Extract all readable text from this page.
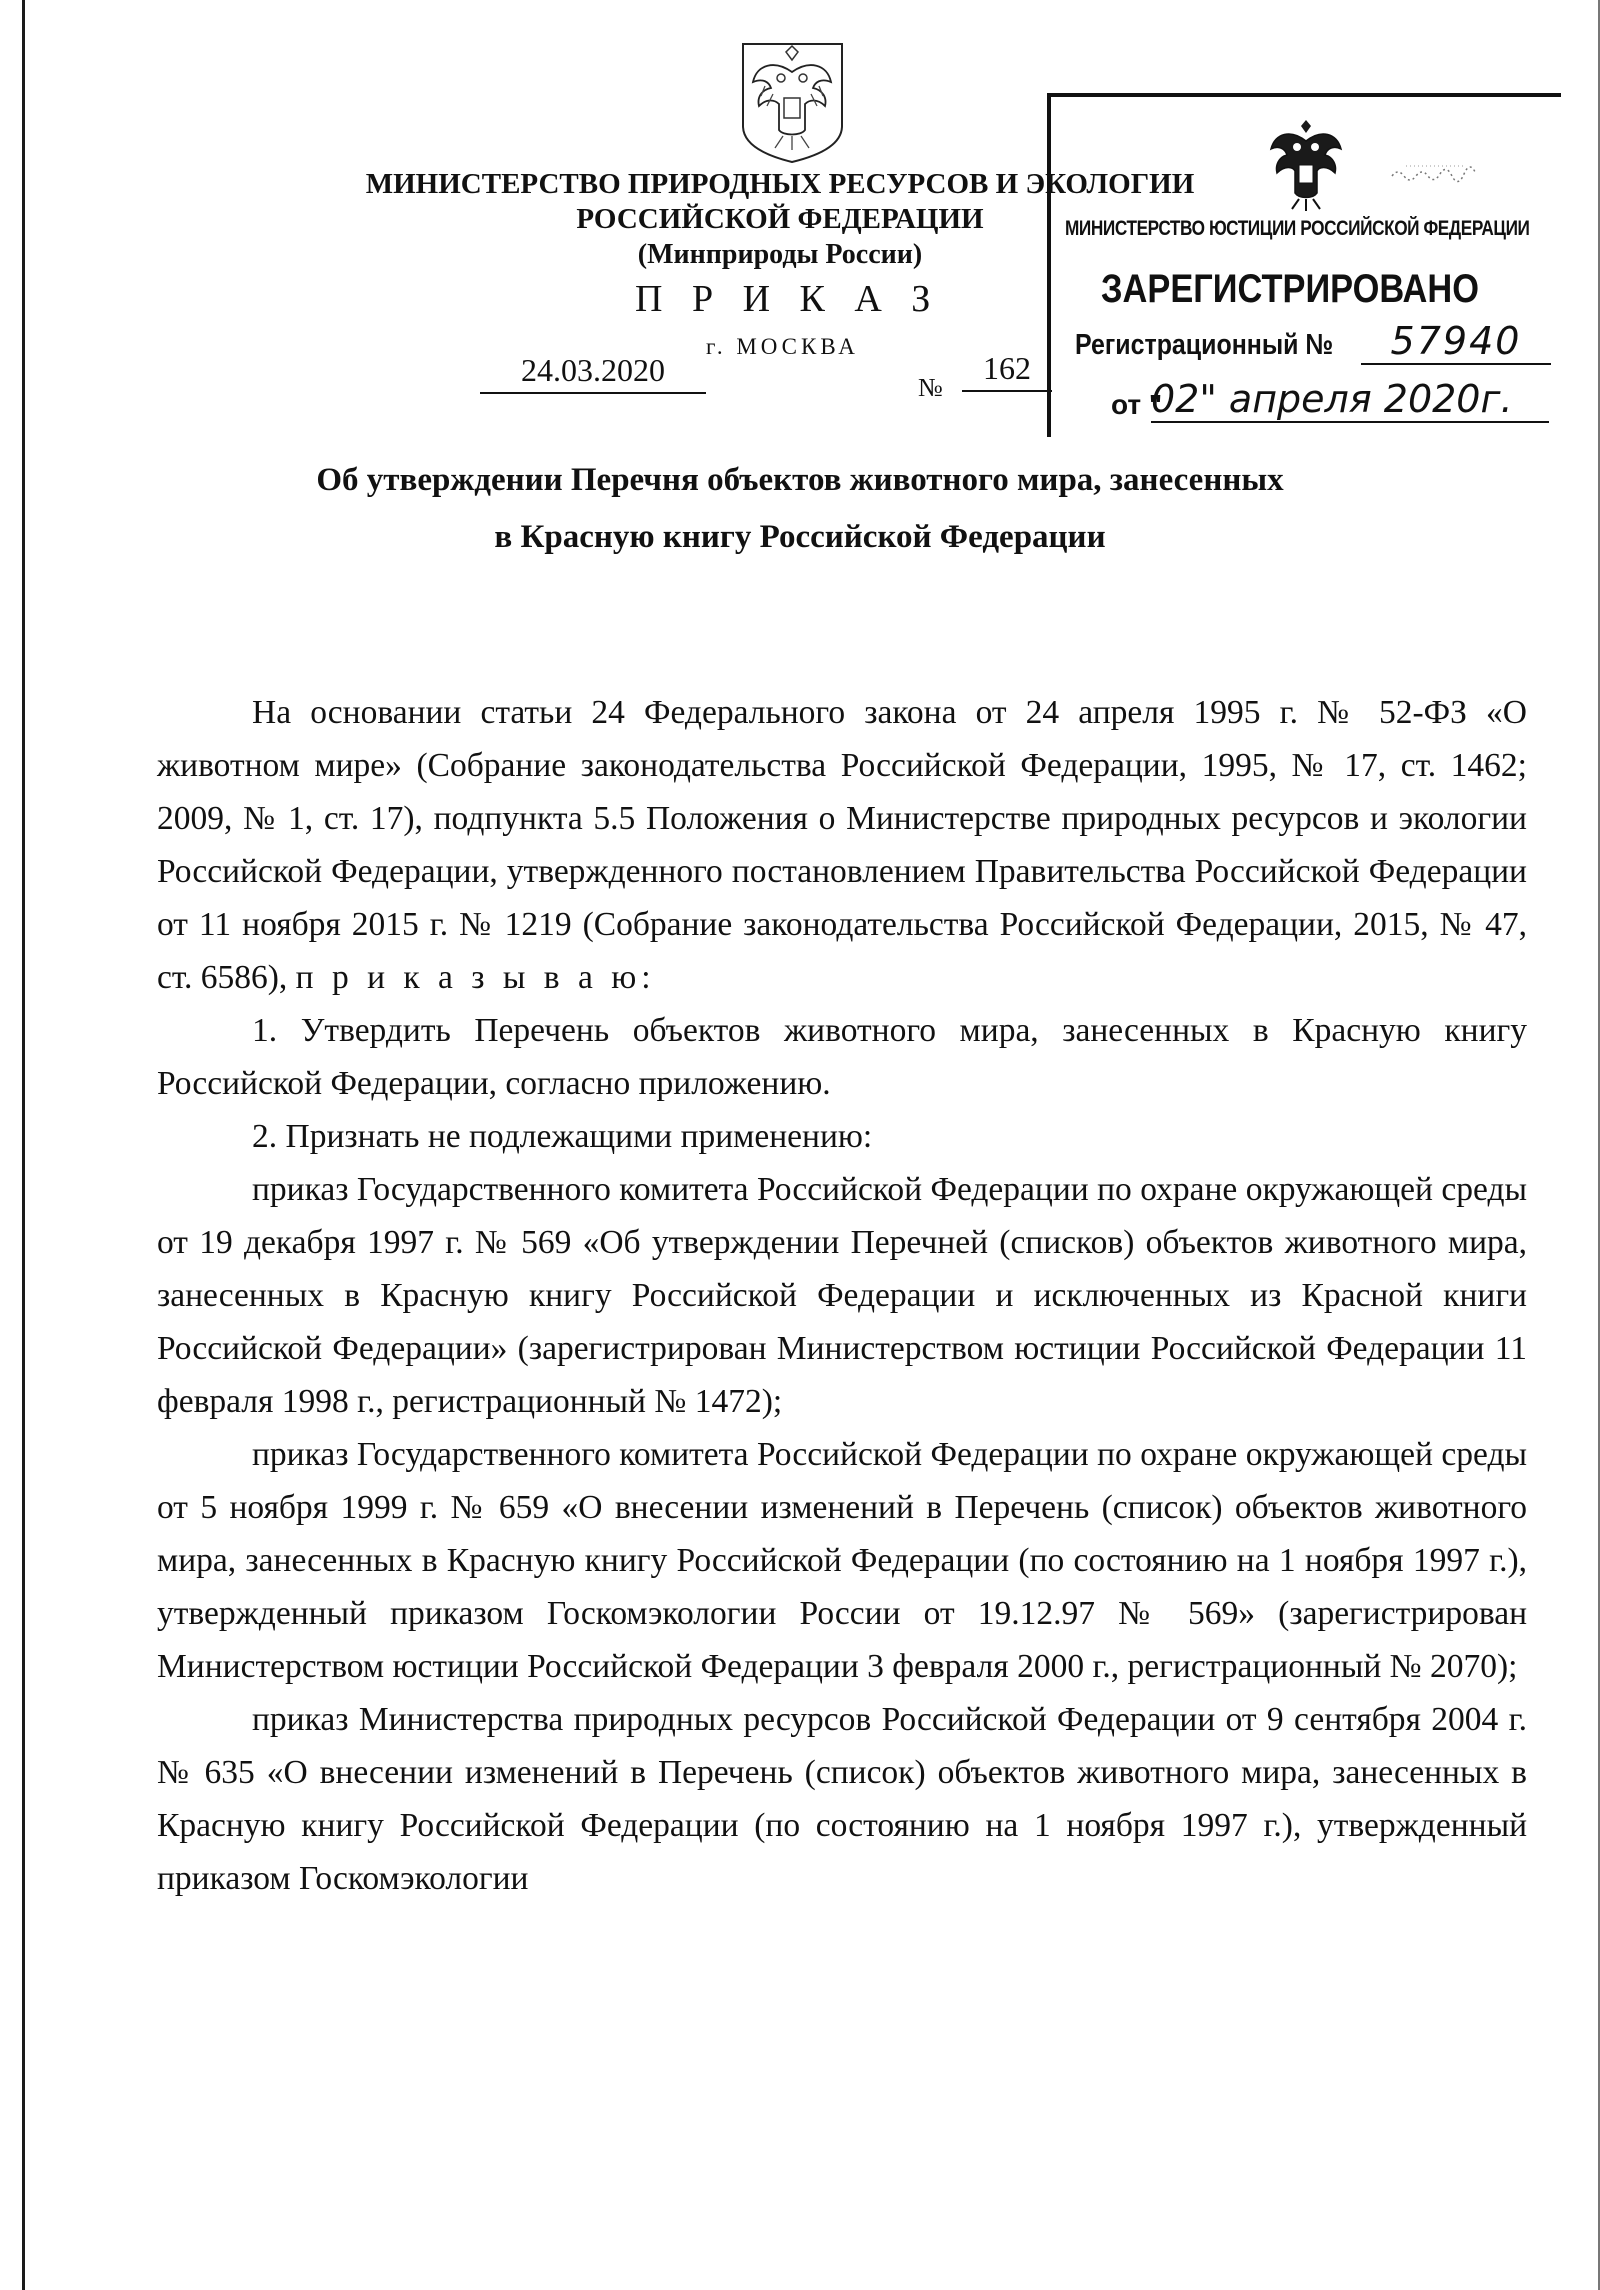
МИНИСТЕРСТВО ПРИРОДНЫХ РЕСУРСОВ И ЭКОЛОГИИ
РОССИЙСКОЙ ФЕДЕРАЦИИ
(Минприроды России)
П Р И К А З
г. МОСКВА
24.03.2020	№
162
МИНИСТЕРСТВО ЮСТИЦИИ РОССИЙСКОЙ ФЕДЕРАЦИИ
ЗАРЕГИСТРИРОВАНО
Регистрационный №	57940
от "
02" апреля 2020г.
Об утверждении Перечня объектов животного мира, занесенных
в Красную книгу Российской Федерации

На основании статьи 24 Федерального закона от 24 апреля 1995 г. № 52-ФЗ «О животном мире» (Собрание законодательства Российской Федерации, 1995, № 17, ст. 1462; 2009, № 1, ст. 17), подпункта 5.5 Положения о Министерстве природных ресурсов и экологии Российской Федерации, утвержденного постановлением Правительства Российской Федерации от 11 ноября 2015 г. № 1219 (Собрание законодательства Российской Федерации, 2015, № 47, ст. 6586), п р и к а з ы в а ю:

1. Утвердить Перечень объектов животного мира, занесенных в Красную книгу Российской Федерации, согласно приложению.

2. Признать не подлежащими применению:

приказ Государственного комитета Российской Федерации по охране окружающей среды от 19 декабря 1997 г. № 569 «Об утверждении Перечней (списков) объектов животного мира, занесенных в Красную книгу Российской Федерации и исключенных из Красной книги Российской Федерации» (зарегистрирован Министерством юстиции Российской Федерации 11 февраля 1998 г., регистрационный № 1472);

приказ Государственного комитета Российской Федерации по охране окружающей среды от 5 ноября 1999 г. № 659 «О внесении изменений в Перечень (список) объектов животного мира, занесенных в Красную книгу Российской Федерации (по состоянию на 1 ноября 1997 г.), утвержденный приказом Госкомэкологии России от 19.12.97 № 569» (зарегистрирован Министерством юстиции Российской Федерации 3 февраля 2000 г., регистрационный № 2070);

приказ Министерства природных ресурсов Российской Федерации от 9 сентября 2004 г. № 635 «О внесении изменений в Перечень (список) объектов животного мира, занесенных в Красную книгу Российской Федерации (по состоянию на 1 ноября 1997 г.), утвержденный приказом Госкомэкологии
